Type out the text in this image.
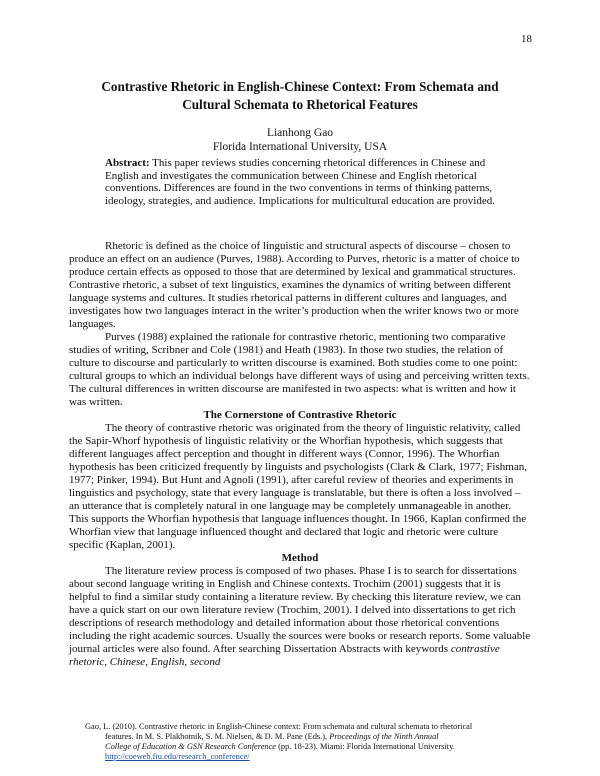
18
Contrastive Rhetoric in English-Chinese Context: From Schemata and
Cultural Schemata to Rhetorical Features
Lianhong Gao
Florida International University, USA
Abstract: This paper reviews studies concerning rhetorical differences in Chinese and English and investigates the communication between Chinese and English rhetorical conventions. Differences are found in the two conventions in terms of thinking patterns, ideology, strategies, and audience. Implications for multicultural education are provided.

Rhetoric is defined as the choice of linguistic and structural aspects of discourse – chosen to produce an effect on an audience (Purves, 1988). According to Purves, rhetoric is a matter of choice to produce certain effects as opposed to those that are determined by lexical and grammatical structures. Contrastive rhetoric, a subset of text linguistics, examines the dynamics of writing between different language systems and cultures. It studies rhetorical patterns in different cultures and languages, and investigates how two languages interact in the writer’s production when the writer knows two or more languages.

Purves (1988) explained the rationale for contrastive rhetoric, mentioning two comparative studies of writing, Scribner and Cole (1981) and Heath (1983). In those two studies, the relation of culture to discourse and particularly to written discourse is examined. Both studies come to one point: cultural groups to which an individual belongs have different ways of using and perceiving written texts. The cultural differences in written discourse are manifested in two aspects: what is written and how it was written.

The Cornerstone of Contrastive Rhetoric

The theory of contrastive rhetoric was originated from the theory of linguistic relativity, called the Sapir-Whorf hypothesis of linguistic relativity or the Whorfian hypothesis, which suggests that different languages affect perception and thought in different ways (Connor, 1996). The Whorfian hypothesis has been criticized frequently by linguists and psychologists (Clark & Clark, 1977; Fishman, 1977; Pinker, 1994). But Hunt and Agnoli (1991), after careful review of theories and experiments in linguistics and psychology, state that every language is translatable, but there is often a loss involved – an utterance that is completely natural in one language may be completely unmanageable in another. This supports the Whorfian hypothesis that language influences thought. In 1966, Kaplan confirmed the Whorfian view that language influenced thought and declared that logic and rhetoric were culture specific (Kaplan, 2001).

Method

The literature review process is composed of two phases. Phase I is to search for dissertations about second language writing in English and Chinese contexts. Trochim (2001) suggests that it is helpful to find a similar study containing a literature review. By checking this literature review, we can have a quick start on our own literature review (Trochim, 2001). I delved into dissertations to get rich descriptions of research methodology and detailed information about those rhetorical conventions including the right academic sources. Usually the sources were books or research reports. Some valuable journal articles were also found. After searching Dissertation Abstracts with keywords contrastive rhetoric, Chinese, English, second

Gao, L. (2010). Contrastive rhetoric in English-Chinese context: From schemata and cultural schemata to rhetorical
features. In M. S. Plakhotnik, S. M. Nielsen, & D. M. Pane (Eds.), Proceedings of the Ninth Annual
College of Education & GSN Research Conference (pp. 18-23). Miami: Florida International University.
http://coeweb.fiu.edu/research_conference/
